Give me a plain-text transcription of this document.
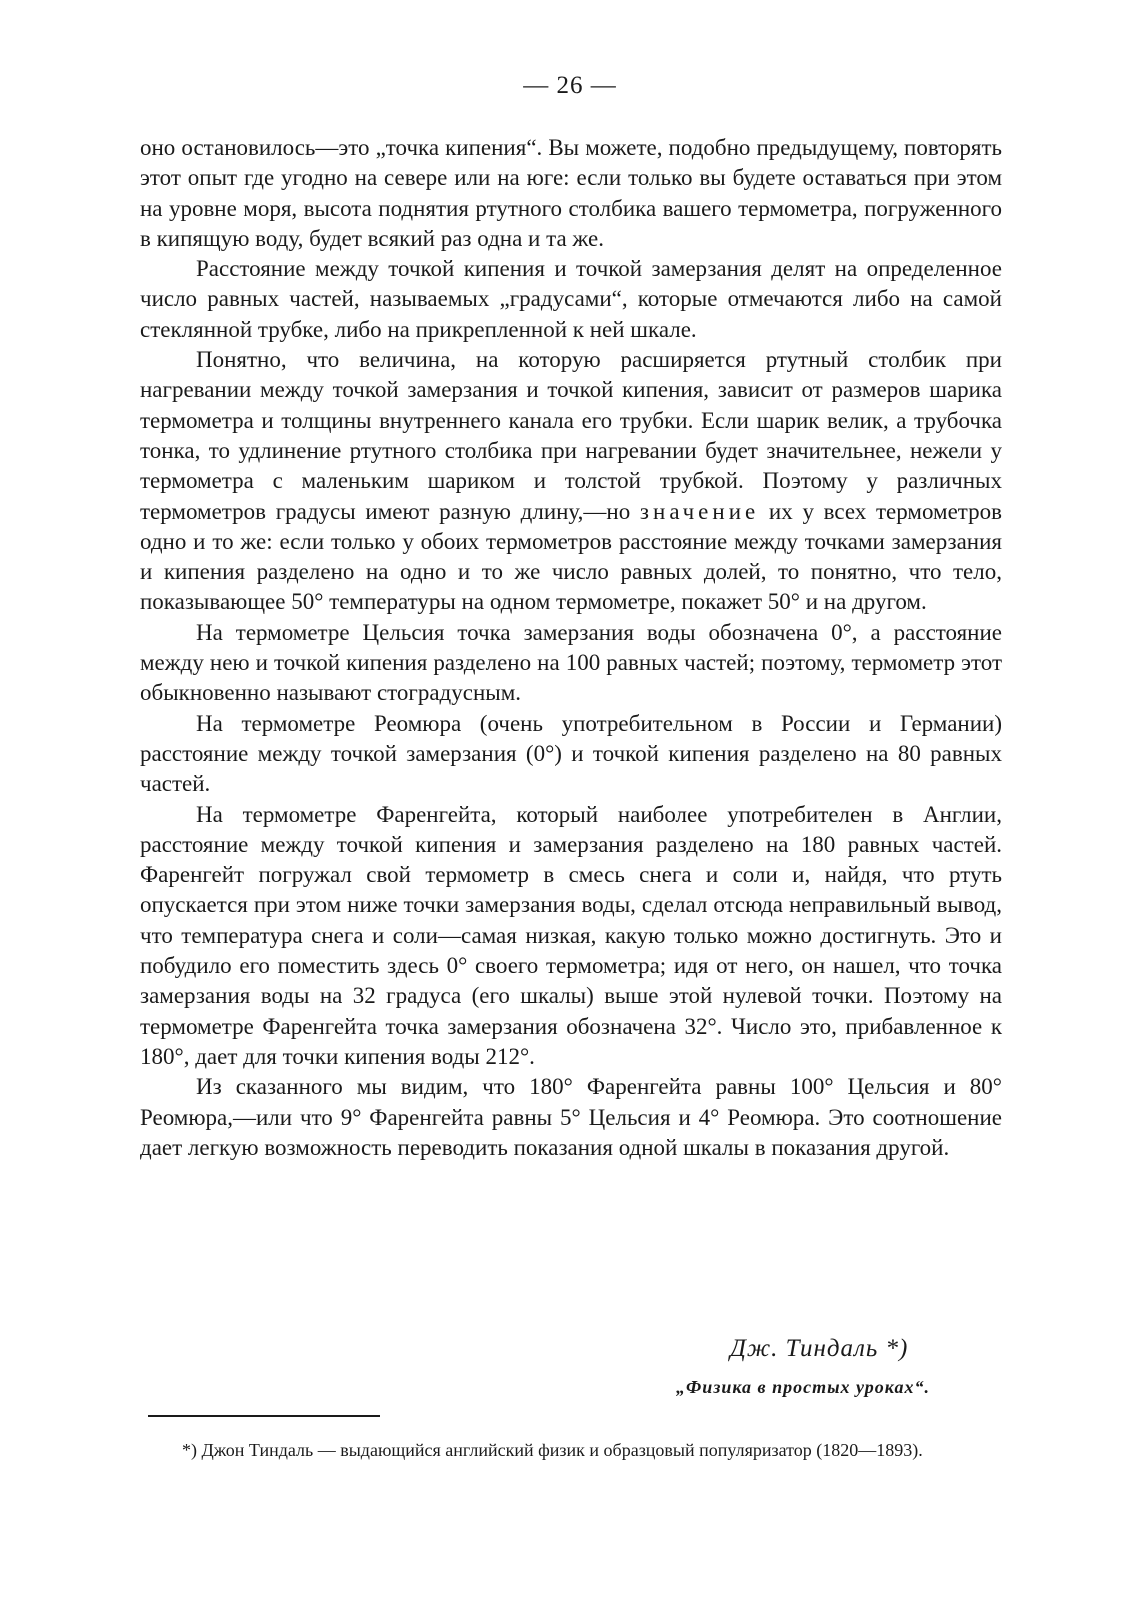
— 26 —

оно остановилось—это „точка кипения“. Вы можете, подобно предыдущему, повторять этот опыт где угодно на севере или на юге: если только вы будете оставаться при этом на уровне моря, высота поднятия ртутного столбика вашего термометра, погруженного в кипящую воду, будет всякий раз одна и та же.

Расстояние между точкой кипения и точкой замерзания делят на определенное число равных частей, называемых „градусами“, которые отмечаются либо на самой стеклянной трубке, либо на прикрепленной к ней шкале.

Понятно, что величина, на которую расширяется ртутный столбик при нагревании между точкой замерзания и точкой кипения, зависит от размеров шарика термометра и толщины внутреннего канала его трубки. Если шарик велик, а трубочка тонка, то удлинение ртутного столбика при нагревании будет значительнее, нежели у термометра с маленьким шариком и толстой трубкой. Поэтому у различных термометров градусы имеют разную длину,—но значение их у всех термометров одно и то же: если только у обоих термометров расстояние между точками замерзания и кипения разделено на одно и то же число равных долей, то понятно, что тело, показывающее 50° температуры на одном термометре, покажет 50° и на другом.

На термометре Цельсия точка замерзания воды обозначена 0°, а расстояние между нею и точкой кипения разделено на 100 равных частей; поэтому, термометр этот обыкновенно называют стоградусным.

На термометре Реомюра (очень употребительном в России и Германии) расстояние между точкой замерзания (0°) и точкой кипения разделено на 80 равных частей.

На термометре Фаренгейта, который наиболее употребителен в Англии, расстояние между точкой кипения и замерзания разделено на 180 равных частей. Фаренгейт погружал свой термометр в смесь снега и соли и, найдя, что ртуть опускается при этом ниже точки замерзания воды, сделал отсюда неправильный вывод, что температура снега и соли—самая низкая, какую только можно достигнуть. Это и побудило его поместить здесь 0° своего термометра; идя от него, он нашел, что точка замерзания воды на 32 градуса (его шкалы) выше этой нулевой точки. Поэтому на термометре Фаренгейта точка замерзания обозначена 32°. Число это, прибавленное к 180°, дает для точки кипения воды 212°.

Из сказанного мы видим, что 180° Фаренгейта равны 100° Цельсия и 80° Реомюра,—или что 9° Фаренгейта равны 5° Цельсия и 4° Реомюра. Это соотношение дает легкую возможность переводить показания одной шкалы в показания другой.

Дж. Тиндаль *)
„Физика в простых уроках“.

*) Джон Тиндаль — выдающийся английский физик и образцовый популяризатор (1820—1893).
